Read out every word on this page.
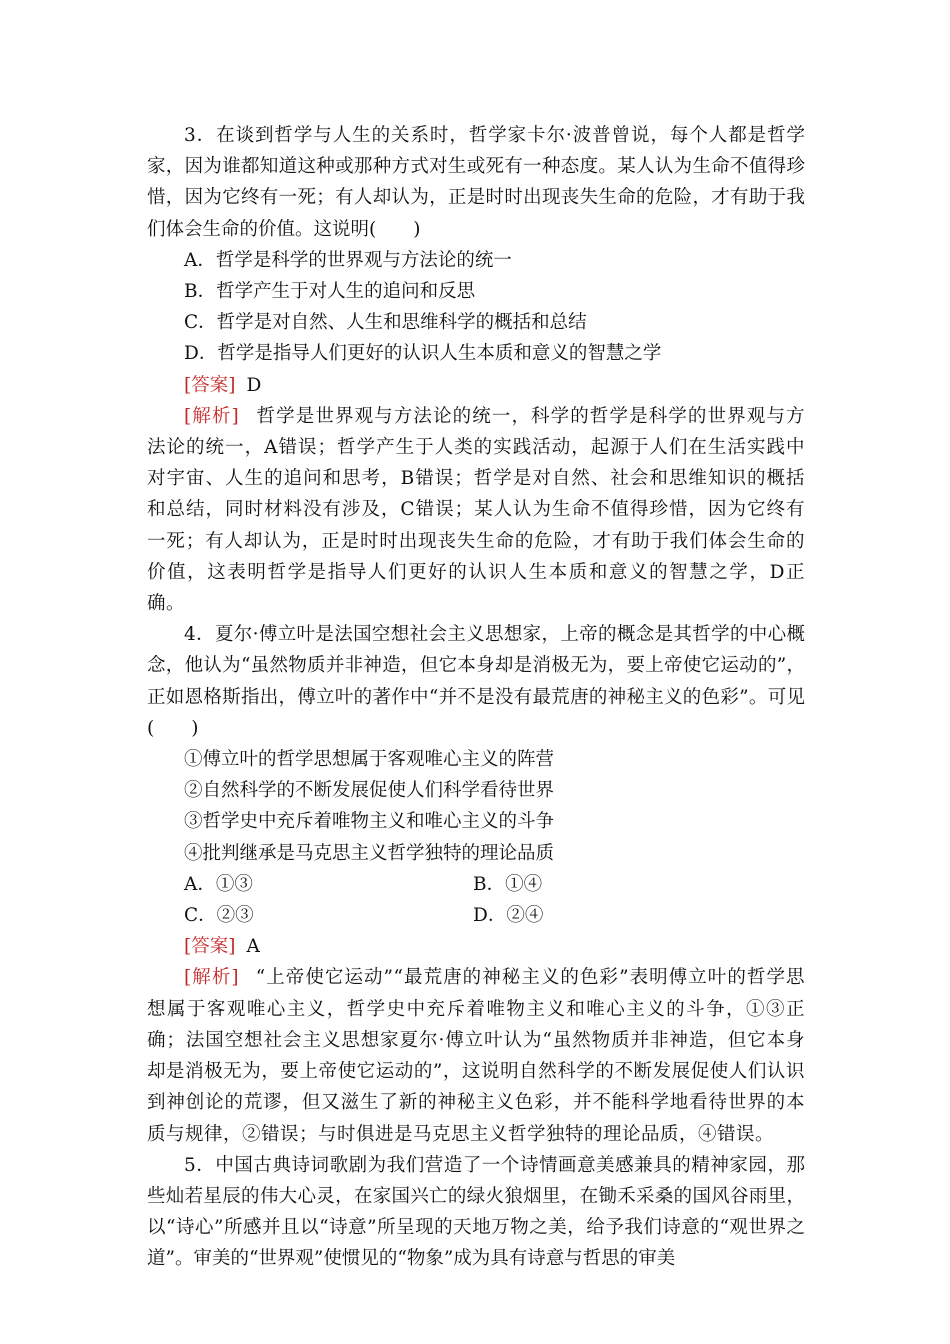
3．在谈到哲学与人生的关系时，哲学家卡尔·波普曾说，每个人都是哲学家，因为谁都知道这种或那种方式对生或死有一种态度。某人认为生命不值得珍惜，因为它终有一死；有人却认为，正是时时出现丧失生命的危险，才有助于我们体会生命的价值。这说明(　　)

A．哲学是科学的世界观与方法论的统一

B．哲学产生于对人生的追问和反思

C．哲学是对自然、人生和思维科学的概括和总结

D．哲学是指导人们更好的认识人生本质和意义的智慧之学

[答案] D

[解析] 哲学是世界观与方法论的统一，科学的哲学是科学的世界观与方法论的统一，A错误；哲学产生于人类的实践活动，起源于人们在生活实践中对宇宙、人生的追问和思考，B错误；哲学是对自然、社会和思维知识的概括和总结，同时材料没有涉及，C错误；某人认为生命不值得珍惜，因为它终有一死；有人却认为，正是时时出现丧失生命的危险，才有助于我们体会生命的价值，这表明哲学是指导人们更好的认识人生本质和意义的智慧之学，D正确。

4．夏尔·傅立叶是法国空想社会主义思想家，上帝的概念是其哲学的中心概念，他认为“虽然物质并非神造，但它本身却是消极无为，要上帝使它运动的”，正如恩格斯指出，傅立叶的著作中“并不是没有最荒唐的神秘主义的色彩”。可见(　　)

①傅立叶的哲学思想属于客观唯心主义的阵营

②自然科学的不断发展促使人们科学看待世界

③哲学史中充斥着唯物主义和唯心主义的斗争

④批判继承是马克思主义哲学独特的理论品质

A．①③	B．①④
C．②③	D．②④

[答案] A

[解析] “上帝使它运动”“最荒唐的神秘主义的色彩”表明傅立叶的哲学思想属于客观唯心主义，哲学史中充斥着唯物主义和唯心主义的斗争，①③正确；法国空想社会主义思想家夏尔·傅立叶认为“虽然物质并非神造，但它本身却是消极无为，要上帝使它运动的”，这说明自然科学的不断发展促使人们认识到神创论的荒谬，但又滋生了新的神秘主义色彩，并不能科学地看待世界的本质与规律，②错误；与时俱进是马克思主义哲学独特的理论品质，④错误。

5．中国古典诗词歌剧为我们营造了一个诗情画意美感兼具的精神家园，那些灿若星辰的伟大心灵，在家国兴亡的绿火狼烟里，在锄禾采桑的国风谷雨里，以“诗心”所感并且以“诗意”所呈现的天地万物之美，给予我们诗意的“观世界之道”。审美的“世界观”使惯见的“物象”成为具有诗意与哲思的审美
